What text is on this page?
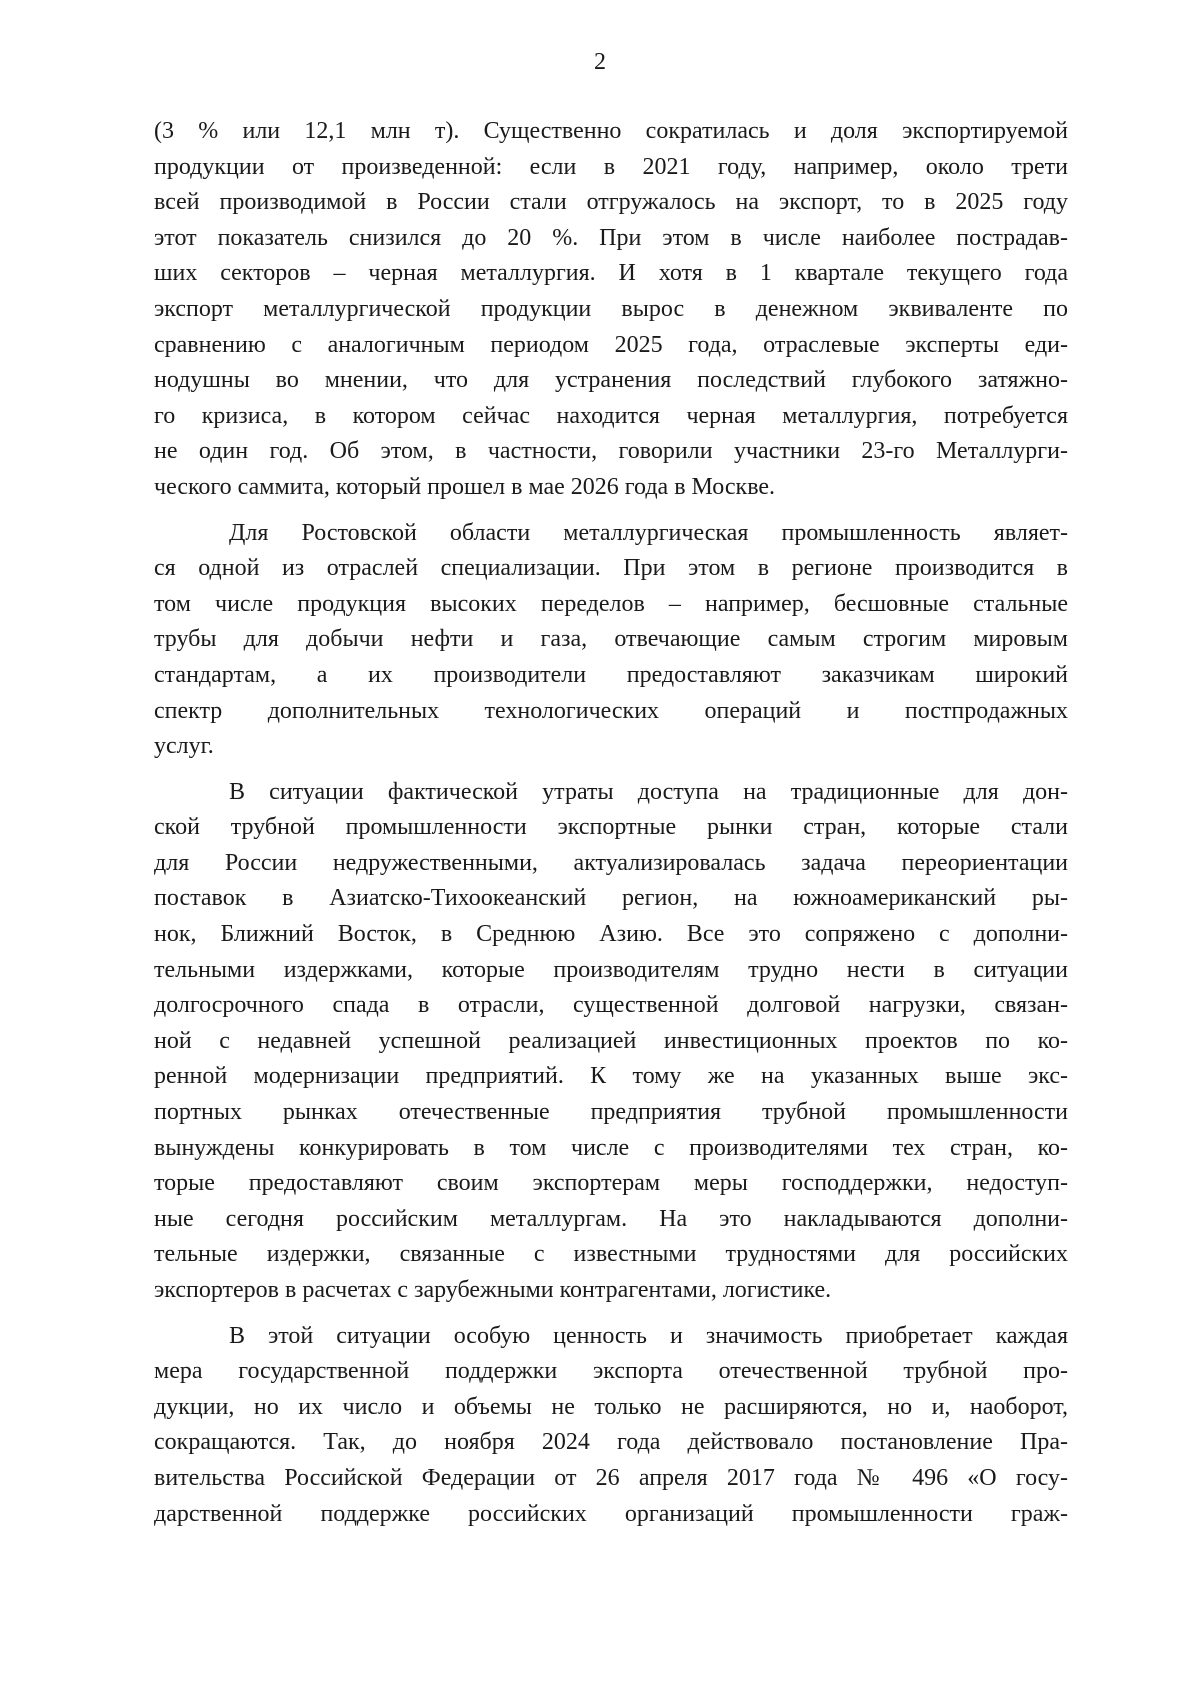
2
(3 % или 12,1 млн т). Существенно сократилась и доля экспортируемой
продукции от произведенной: если в 2021 году, например, около трети
всей производимой в России стали отгружалось на экспорт, то в 2025 году
этот показатель снизился до 20 %. При этом в числе наиболее пострадав-
ших секторов – черная металлургия. И хотя в 1 квартале текущего года
экспорт металлургической продукции вырос в денежном эквиваленте по
сравнению с аналогичным периодом 2025 года, отраслевые эксперты еди-
нодушны во мнении, что для устранения последствий глубокого затяжно-
го кризиса, в котором сейчас находится черная металлургия, потребуется
не один год. Об этом, в частности, говорили участники 23-го Металлурги-
ческого саммита, который прошел в мае 2026 года в Москве.
Для Ростовской области металлургическая промышленность являет-
ся одной из отраслей специализации. При этом в регионе производится в
том числе продукция высоких переделов – например, бесшовные стальные
трубы для добычи нефти и газа, отвечающие самым строгим мировым
стандартам, а их производители предоставляют заказчикам широкий
спектр дополнительных технологических операций и постпродажных
услуг.
В ситуации фактической утраты доступа на традиционные для дон-
ской трубной промышленности экспортные рынки стран, которые стали
для России недружественными, актуализировалась задача переориентации
поставок в Азиатско-Тихоокеанский регион, на южноамериканский ры-
нок, Ближний Восток, в Среднюю Азию. Все это сопряжено с дополни-
тельными издержками, которые производителям трудно нести в ситуации
долгосрочного спада в отрасли, существенной долговой нагрузки, связан-
ной с недавней успешной реализацией инвестиционных проектов по ко-
ренной модернизации предприятий. К тому же на указанных выше экс-
портных рынках отечественные предприятия трубной промышленности
вынуждены конкурировать в том числе с производителями тех стран, ко-
торые предоставляют своим экспортерам меры господдержки, недоступ-
ные сегодня российским металлургам. На это накладываются дополни-
тельные издержки, связанные с известными трудностями для российских
экспортеров в расчетах с зарубежными контрагентами, логистике.
В этой ситуации особую ценность и значимость приобретает каждая
мера государственной поддержки экспорта отечественной трубной про-
дукции, но их число и объемы не только не расширяются, но и, наоборот,
сокращаются. Так, до ноября 2024 года действовало постановление Пра-
вительства Российской Федерации от 26 апреля 2017 года № 496 «О госу-
дарственной поддержке российских организаций промышленности граж-
